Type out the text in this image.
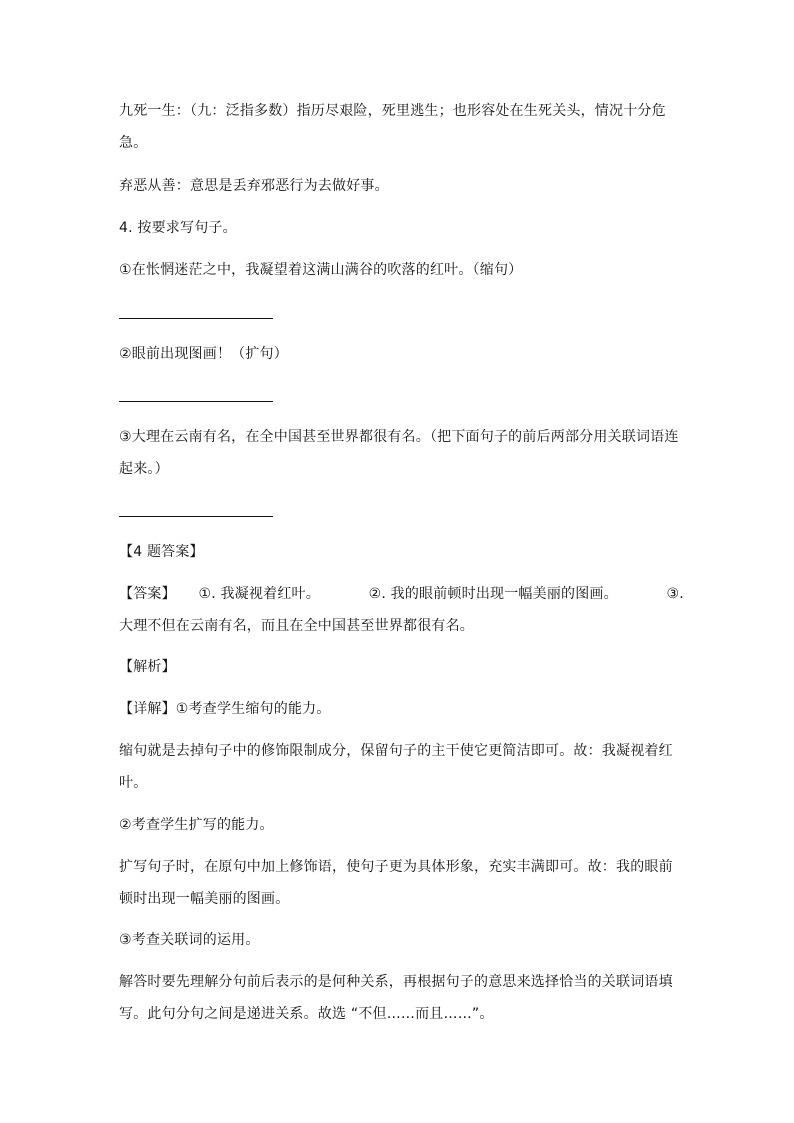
九死一生：（九：泛指多数）指历尽艰险，死里逃生；也形容处在生死关头，情况十分危
急。
弃恶从善：意思是丢弃邪恶行为去做好事。
4. 按要求写句子。
①在怅惘迷茫之中，我凝望着这满山满谷的吹落的红叶。（缩句）
②眼前出现图画！（扩句）
③大理在云南有名，在全中国甚至世界都很有名。（把下面句子的前后两部分用关联词语连
起来。）
【4 题答案】
【答案】 ①. 我凝视着红叶。	②. 我的眼前顿时出现一幅美丽的图画。	③.
大理不但在云南有名，而且在全中国甚至世界都很有名。
【解析】
【详解】①考查学生缩句的能力。
缩句就是去掉句子中的修饰限制成分，保留句子的主干使它更简洁即可。故：我凝视着红
叶。
②考查学生扩写的能力。
扩写句子时，在原句中加上修饰语，使句子更为具体形象，充实丰满即可。故：我的眼前
顿时出现一幅美丽的图画。
③考查关联词的运用。
解答时要先理解分句前后表示的是何种关系，再根据句子的意思来选择恰当的关联词语填
写。此句分句之间是递进关系。故选 “不但……而且……”。
